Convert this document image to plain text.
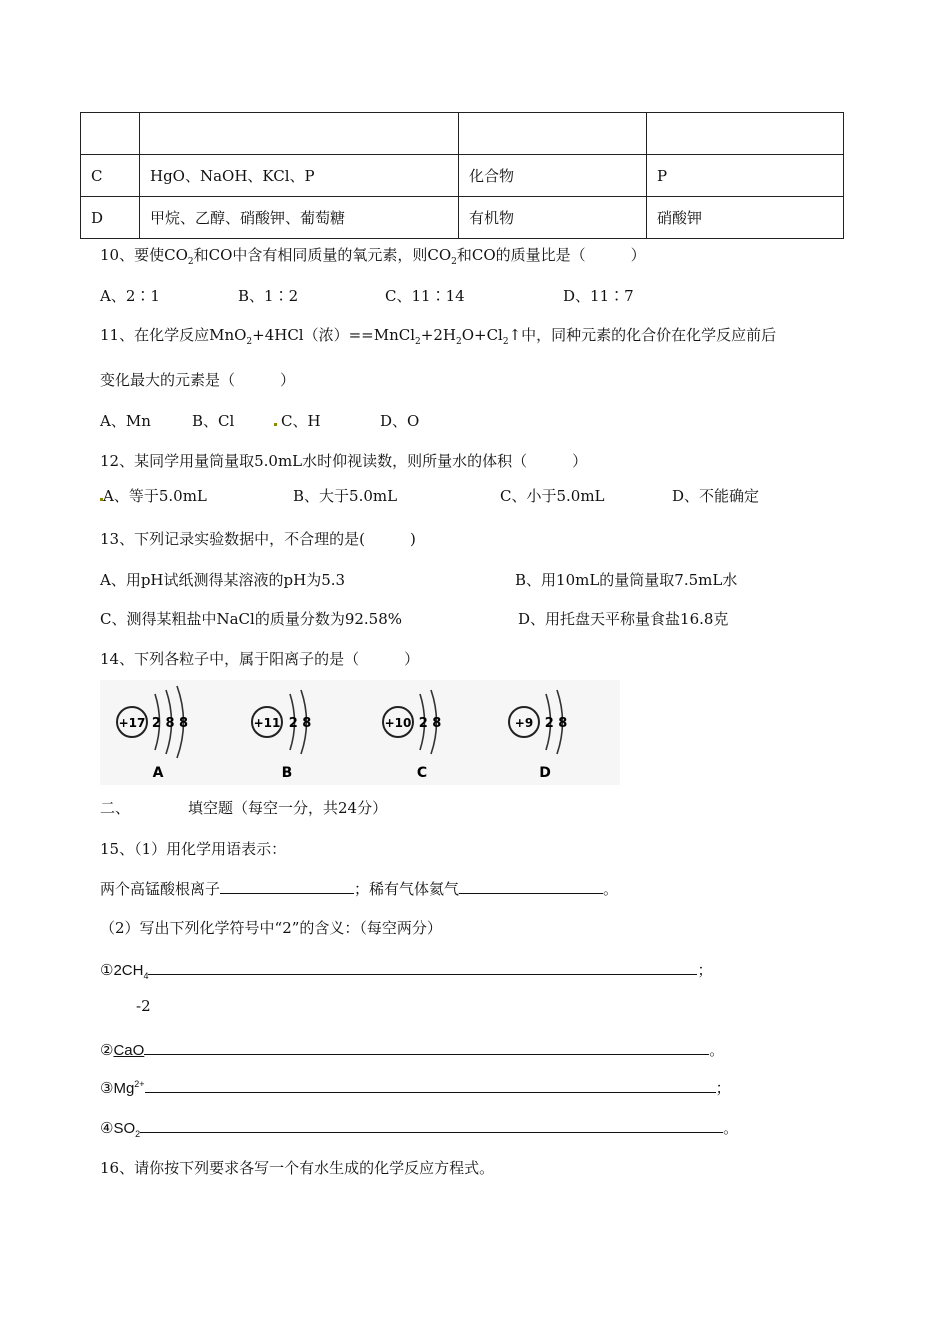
C	HgO、NaOH、KCl、P	化合物	P
D	甲烷、乙醇、硝酸钾、葡萄糖	有机物	硝酸钾
10、要使$CO_2$和CO中含有相同质量的氧元素，则$CO_2$和CO的质量比是（　　　）
A、2∶1	B、1∶2	C、11∶14	D、11∶7
11、在化学反应MnO$_2$+4HCl（浓）$==MnCl_2+2H_2O+Cl_2↑$中，同种元素的化合价在化学反应前后
变化最大的元素是（　　　）
A、Mn	B、Cl	C、H	D、O
12、某同学用量筒量取5.0mL水时仰视读数，则所量水的体积（　　　）
A、等于5.0mL	B、大于5.0mL	C、小于5.0mL	D、不能确定
13、下列记录实验数据中，不合理的是(　　　)
A、用pH试纸测得某溶液的pH为5.3	B、用10mL的量筒量取7.5mL水
C、测得某粗盐中NaCl的质量分数为92.58%	D、用托盘天平称量食盐16.8克
14、下列各粒子中，属于阳离子的是（　　　）
+17 2 8 8
A
+11 2 8
B
+10 2 8
C
+9 2 8
D
二、	填空题（每空一分，共24分）
15、（1）用化学用语表示：
两个高锰酸根离子	；稀有气体氦气	。
（2）写出下列化学符号中“2”的含义：（每空两分）
$①2CH_4$	；
-2
②CaO	。
$③Mg^{2+}$	；
$④SO_2$	。
16、请你按下列要求各写一个有水生成的化学反应方程式。
